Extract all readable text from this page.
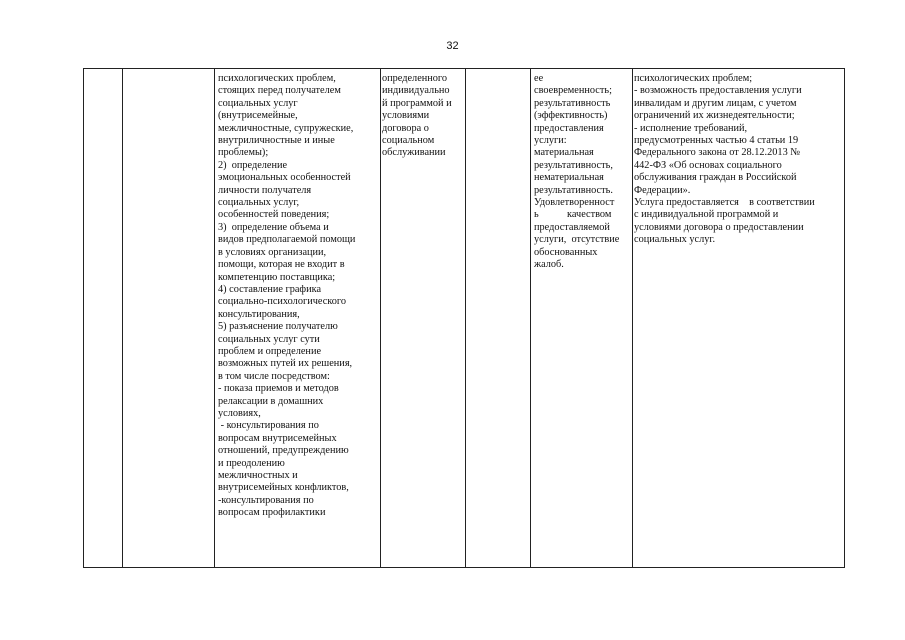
32
психологических проблем,
стоящих перед получателем
социальных услуг
(внутрисемейные,
межличностные, супружеские,
внутриличностные и иные
проблемы);
2)  определение
эмоциональных особенностей
личности получателя
социальных услуг,
особенностей поведения;
3)  определение объема и
видов предполагаемой помощи
в условиях организации,
помощи, которая не входит в
компетенцию поставщика;
4) составление графика
социально-психологического
консультирования,
5) разъяснение получателю
социальных услуг сути
проблем и определение
возможных путей их решения,
в том числе посредством:
- показа приемов и методов
релаксации в домашних
условиях,
- консультирования по
вопросам внутрисемейных
отношений, предупреждению
и преодолению
межличностных и
внутрисемейных конфликтов,
-консультирования по
вопросам профилактики
определенного
индивидуально
й программой и
условиями
договора о
социальном
обслуживании
ее
своевременность;
результативность
(эффективность)
предоставления
услуги:
материальная
результативность,
нематериальная
результативность.
Удовлетворенност
ь           качеством
предоставляемой
услуги,  отсутствие
обоснованных
жалоб.
психологических проблем;
- возможность предоставления услуги
инвалидам и другим лицам, с учетом
ограничений их жизнедеятельности;
- исполнение требований,
предусмотренных частью 4 статьи 19
Федерального закона от 28.12.2013 №
442-ФЗ «Об основах социального
обслуживания граждан в Российской
Федерации».
Услуга предоставляется    в соответствии
с индивидуальной программой и
условиями договора о предоставлении
социальных услуг.
